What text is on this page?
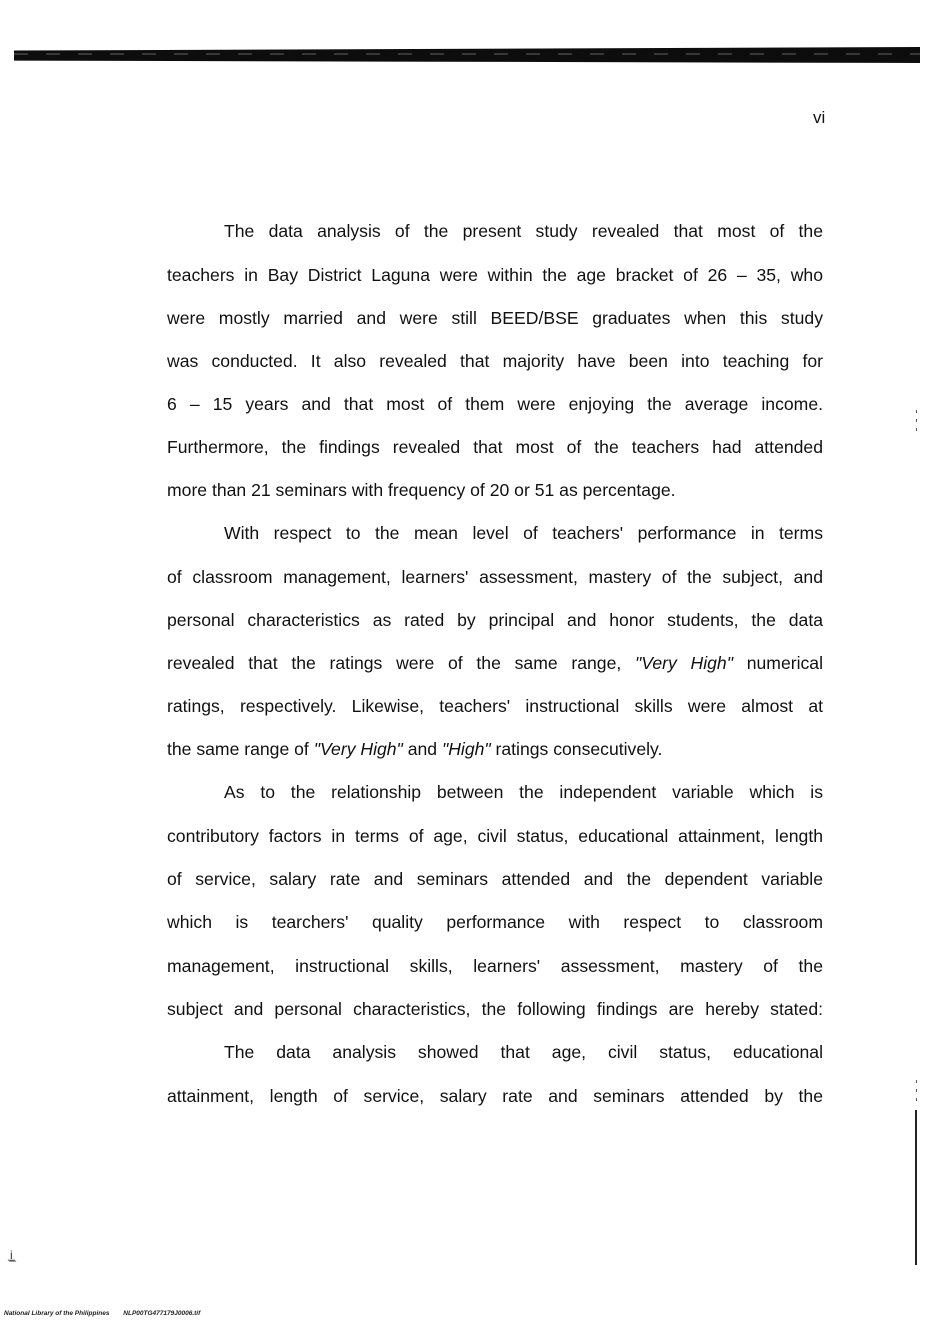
vi
The data analysis of the present study revealed that most of the
teachers in Bay District Laguna were within the age bracket of 26 – 35, who
were mostly married and were still BEED/BSE graduates when this study
was conducted. It also revealed that majority have been into teaching for
6 – 15 years and that most of them were enjoying the average income.
Furthermore, the findings revealed that most of the teachers had attended
more than 21 seminars with frequency of 20 or 51 as percentage.
With respect to the mean level of teachers' performance in terms
of classroom management, learners' assessment, mastery of the subject, and
personal characteristics as rated by principal and honor students, the data
revealed that the ratings were of the same range, "Very High" numerical
ratings, respectively. Likewise, teachers' instructional skills were almost at
the same range of "Very High" and "High" ratings consecutively.
As to the relationship between the independent variable which is
contributory factors in terms of age, civil status, educational attainment, length
of service, salary rate and seminars attended and the dependent variable
which is tearchers' quality performance with respect to classroom
management, instructional skills, learners' assessment, mastery of the
subject and personal characteristics, the following findings are hereby stated:
The data analysis showed that age, civil status, educational
attainment, length of service, salary rate and seminars attended by the
i̲̲
National Library of the Philippines NLP00TG477179J0006.tif
